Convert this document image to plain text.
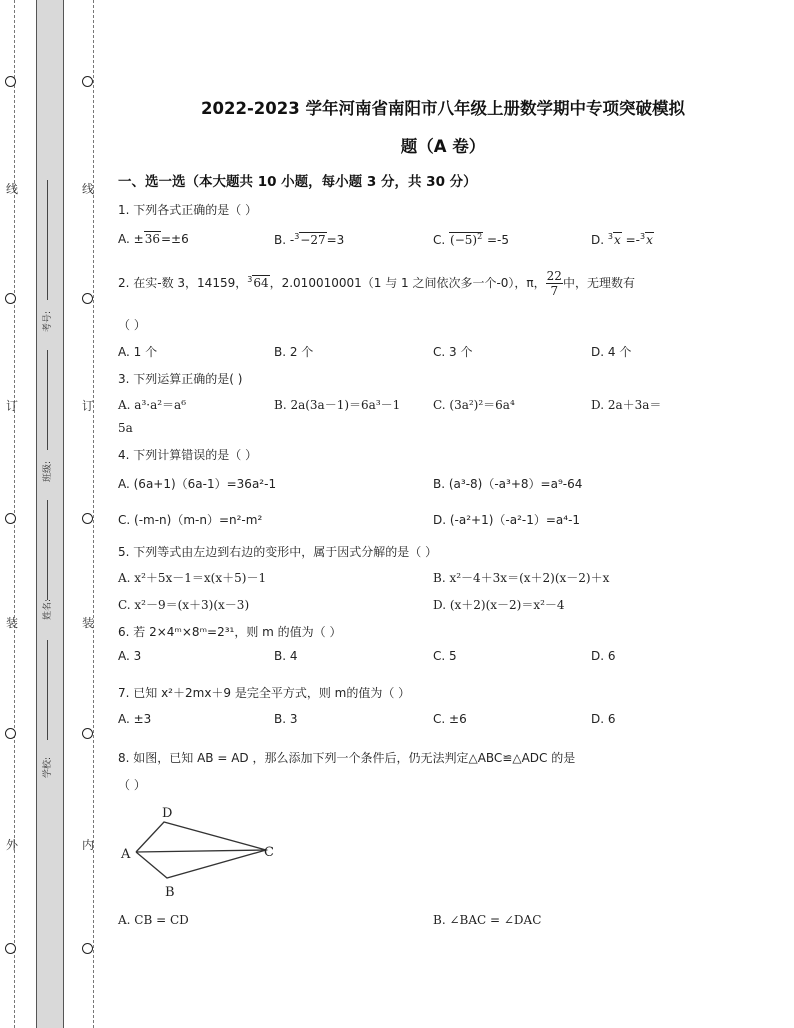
线
订
装
外
线
订
装
内
考号:
班级:
姓名:
学校:
2022-2023 学年河南省南阳市八年级上册数学期中专项突破模拟
题（A 卷）
一、选一选（本大题共 10 小题，每小题 3 分，共 30 分）
1. 下列各式正确的是（ ）
A. ±36=±6	B. -$^3$−27=3	C. $(-5)^2 =-5$	D. $^3$x =-$^3$x
2. 在实-数 3，14159，$^3$64，2.010010001（1 与 1 之间依次多一个-0），π， $\frac{22}{7}$ 中，无理数有
（ ）
A. 1 个	B. 2 个	C. 3 个	D. 4 个
3. 下列运算正确的是( )
A. a³·a²＝a⁶	B. 2a(3a－1)＝6a³－1	C. (3a²)²＝6a⁴	D. 2a＋3a＝
5a
4. 下列计算错误的是（ ）
A. (6a+1)（6a-1）=36a²-1	B. (a³-8)（-a³+8）=a⁹-64
C. (-m-n)（m-n）=n²-m²	D. (-a²+1)（-a²-1）=a⁴-1
5. 下列等式由左边到右边的变形中，属于因式分解的是（ ）
A. x²＋5x－1＝x(x＋5)－1	B. x²－4＋3x＝(x＋2)(x－2)＋x
C. x²－9＝(x＋3)(x－3)	D. (x＋2)(x－2)＝x²－4
6. 若 2×4ᵐ×8ᵐ=2³¹，则 m 的值为（ ）
A. 3	B. 4	C. 5	D. 6
7. 已知 x²＋2mx＋9 是完全平方式，则 m的值为（ ）
A. ±3	B. 3	C. ±6	D. 6
8. 如图，已知 AB = AD ，那么添加下列一个条件后，仍无法判定△ABC≌△ADC 的是
（ ）
D
A
B
C
A. CB = CD	B. ∠BAC = ∠DAC
